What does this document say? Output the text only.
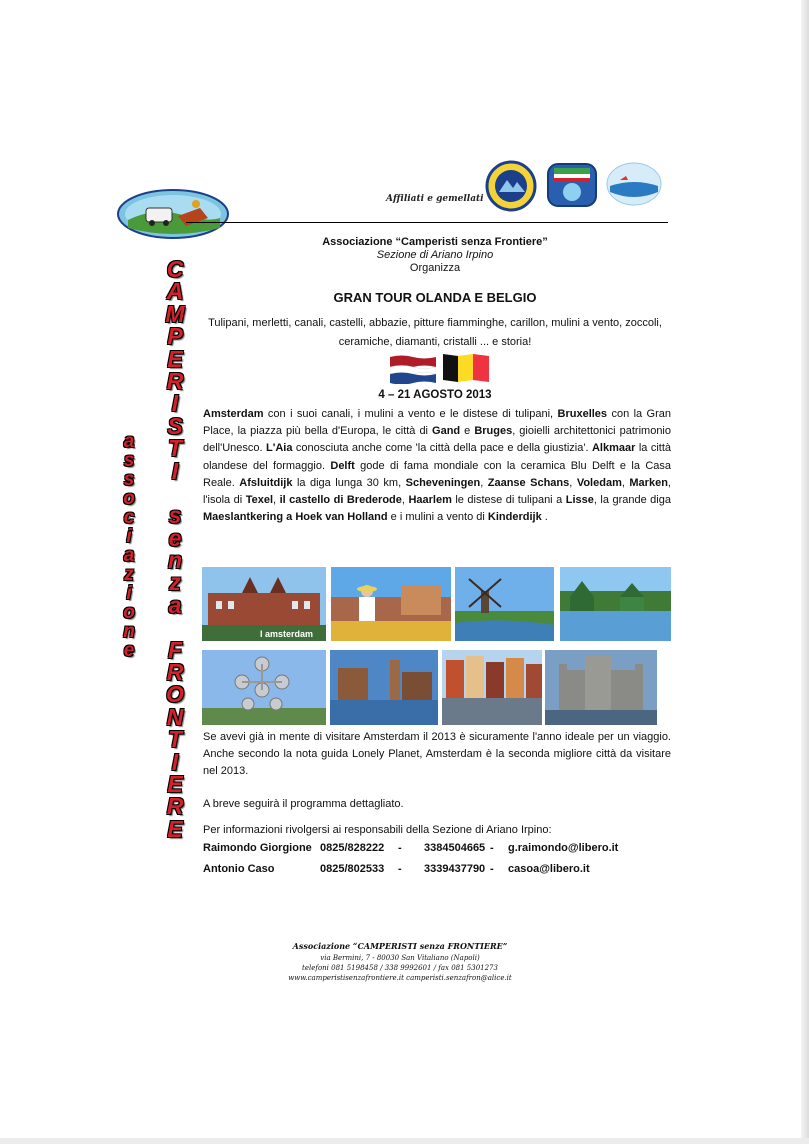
Affiliati e gemellati
C
A
M
P
E
R
I
S
T
I

s
e
n
z
a

F
R
O
N
T
I
E
R
E
a
s
s
o
c
i
a
z
i
o
n
e
Associazione “Camperisti senza Frontiere”
Sezione di Ariano Irpino
Organizza
GRAN TOUR OLANDA E BELGIO
Tulipani, merletti, canali, castelli, abbazie, pitture fiamminghe, carillon, mulini a vento, zoccoli,
ceramiche, diamanti, cristalli ... e storia!
4 – 21 AGOSTO 2013
Amsterdam con i suoi canali, i mulini a vento e le distese di tulipani, Bruxelles con la Gran Place, la piazza più bella d'Europa, le città di Gand e Bruges, gioielli architettonici patrimonio dell'Unesco. L'Aia conosciuta anche come 'la città della pace e della giustizia'. Alkmaar la città olandese del formaggio. Delft gode di fama mondiale con la ceramica Blu Delft e la Casa Reale. Afsluitdijk la diga lunga 30 km, Scheveningen, Zaanse Schans, Voledam, Marken, l'isola di Texel, il castello di Brederode, Haarlem le distese di tulipani a Lisse, la grande diga Maeslantkering a Hoek van Holland e i mulini a vento di Kinderdijk .
I amsterdam
Se avevi già in mente di visitare Amsterdam il 2013 è sicuramente l'anno ideale per un viaggio. Anche secondo la nota guida Lonely Planet, Amsterdam è la seconda migliore città da visitare nel 2013.
A breve seguirà il programma dettagliato.
Per informazioni rivolgersi ai responsabili della Sezione di Ariano Irpino:
Raimondo Giorgione 0825/828222 - 3384504665 - g.raimondo@libero.it
Antonio Caso	0825/802533 - 3339437790 - casoa@libero.it
Associazione “CAMPERISTI senza FRONTIERE”
via Bermini, 7 - 80030 San Vitaliano (Napoli)
telefoni 081 5198458 / 338 9992601 / fax 081 5301273
www.camperistisenzafrontiere.it camperisti.senzafron@alice.it
